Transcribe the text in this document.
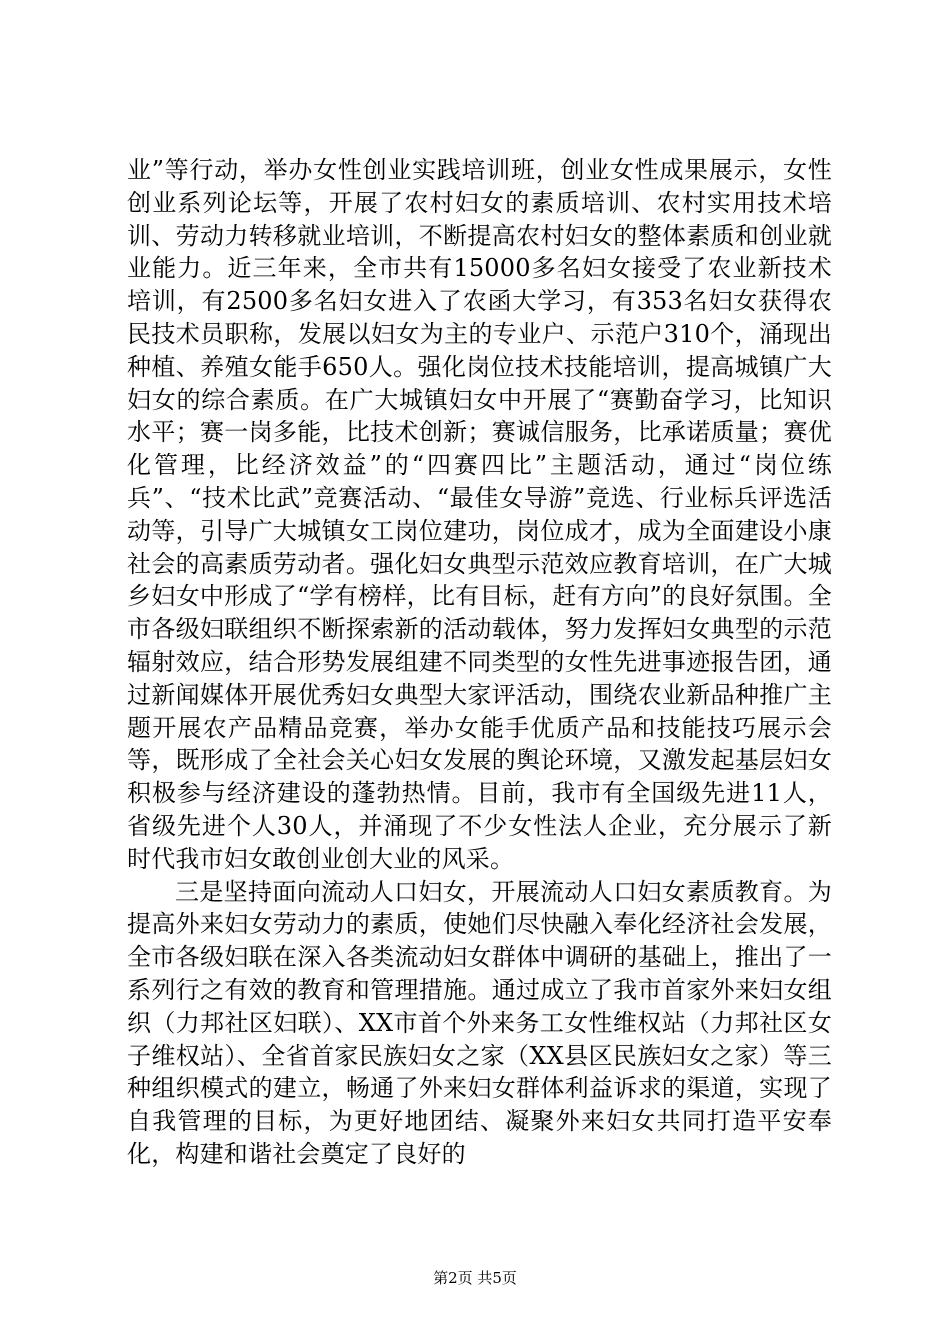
业”等行动，举办女性创业实践培训班，创业女性成果展示，女性创业系列论坛等，开展了农村妇女的素质培训、农村实用技术培训、劳动力转移就业培训，不断提高农村妇女的整体素质和创业就业能力。近三年来，全市共有15000多名妇女接受了农业新技术培训，有2500多名妇女进入了农函大学习，有353名妇女获得农民技术员职称，发展以妇女为主的专业户、示范户310个，涌现出种植、养殖女能手650人。强化岗位技术技能培训，提高城镇广大妇女的综合素质。在广大城镇妇女中开展了“赛勤奋学习，比知识水平；赛一岗多能，比技术创新；赛诚信服务，比承诺质量；赛优化管理，比经济效益”的“四赛四比”主题活动，通过“岗位练兵”、“技术比武”竞赛活动、“最佳女导游”竞选、行业标兵评选活动等，引导广大城镇女工岗位建功，岗位成才，成为全面建设小康社会的高素质劳动者。强化妇女典型示范效应教育培训，在广大城乡妇女中形成了“学有榜样，比有目标，赶有方向”的良好氛围。全市各级妇联组织不断探索新的活动载体，努力发挥妇女典型的示范辐射效应，结合形势发展组建不同类型的女性先进事迹报告团，通过新闻媒体开展优秀妇女典型大家评活动，围绕农业新品种推广主题开展农产品精品竞赛，举办女能手优质产品和技能技巧展示会等，既形成了全社会关心妇女发展的舆论环境，又激发起基层妇女积极参与经济建设的蓬勃热情。目前，我市有全国级先进11人，省级先进个人30人，并涌现了不少女性法人企业，充分展示了新时代我市妇女敢创业创大业的风采。

三是坚持面向流动人口妇女，开展流动人口妇女素质教育。为提高外来妇女劳动力的素质，使她们尽快融入奉化经济社会发展，全市各级妇联在深入各类流动妇女群体中调研的基础上，推出了一系列行之有效的教育和管理措施。通过成立了我市首家外来妇女组织（力邦社区妇联）、XX市首个外来务工女性维权站（力邦社区女子维权站）、全省首家民族妇女之家（XX县区民族妇女之家）等三种组织模式的建立，畅通了外来妇女群体利益诉求的渠道，实现了自我管理的目标，为更好地团结、凝聚外来妇女共同打造平安奉化，构建和谐社会奠定了良好的

第2页 共5页
